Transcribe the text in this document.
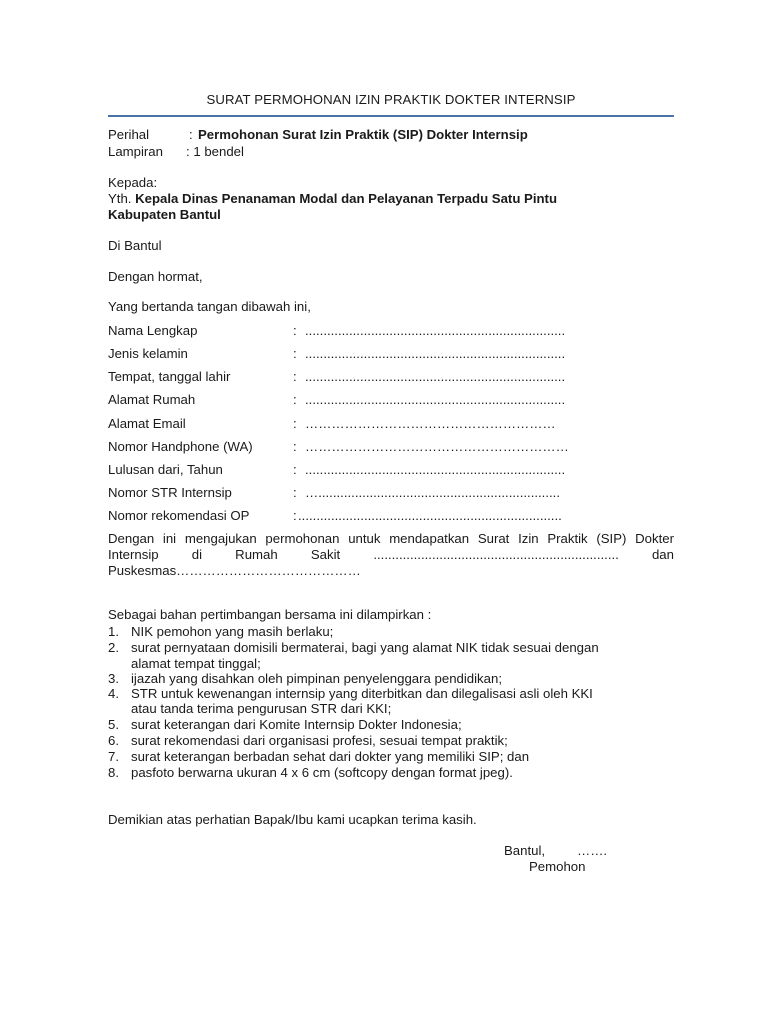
SURAT PERMOHONAN IZIN PRAKTIK DOKTER INTERNSIP
Perihal	: Permohonan Surat Izin Praktik (SIP) Dokter Internsip
Lampiran : 1 bendel
Kepada:
Yth. Kepala Dinas Penanaman Modal dan Pelayanan Terpadu Satu Pintu
Kabupaten Bantul
Di Bantul
Dengan hormat,
Yang bertanda tangan dibawah ini,
Nama Lengkap	: .......................................................................
Jenis kelamin	: .......................................................................
Tempat, tanggal lahir	: .......................................................................
Alamat Rumah	: .......................................................................
Alamat Email	: …………………………………………………
Nomor Handphone (WA)	: ……………………………………………………
Lulusan dari, Tahun	: .......................................................................
Nomor STR Internsip	: …..................................................................
Nomor rekomendasi OP	: ........................................................................
Dengan ini mengajukan permohonan untuk mendapatkan Surat Izin Praktik (SIP) Dokter
Internsip	di	Rumah	Sakit	...................................................................	dan
Puskesmas……………………………………
Sebagai bahan pertimbangan bersama ini dilampirkan :
1. NIK pemohon yang masih berlaku;
2. surat pernyataan domisili bermaterai, bagi yang alamat NIK tidak sesuai dengan
alamat tempat tinggal;
3. ijazah yang disahkan oleh pimpinan penyelenggara pendidikan;
4. STR untuk kewenangan internsip yang diterbitkan dan dilegalisasi asli oleh KKI
atau tanda terima pengurusan STR dari KKI;
5. surat keterangan dari Komite Internsip Dokter Indonesia;
6. surat rekomendasi dari organisasi profesi, sesuai tempat praktik;
7. surat keterangan berbadan sehat dari dokter yang memiliki SIP; dan
8. pasfoto berwarna ukuran 4 x 6 cm (softcopy dengan format jpeg).
Demikian atas perhatian Bapak/Ibu kami ucapkan terima kasih.
Bantul, …….
Pemohon
